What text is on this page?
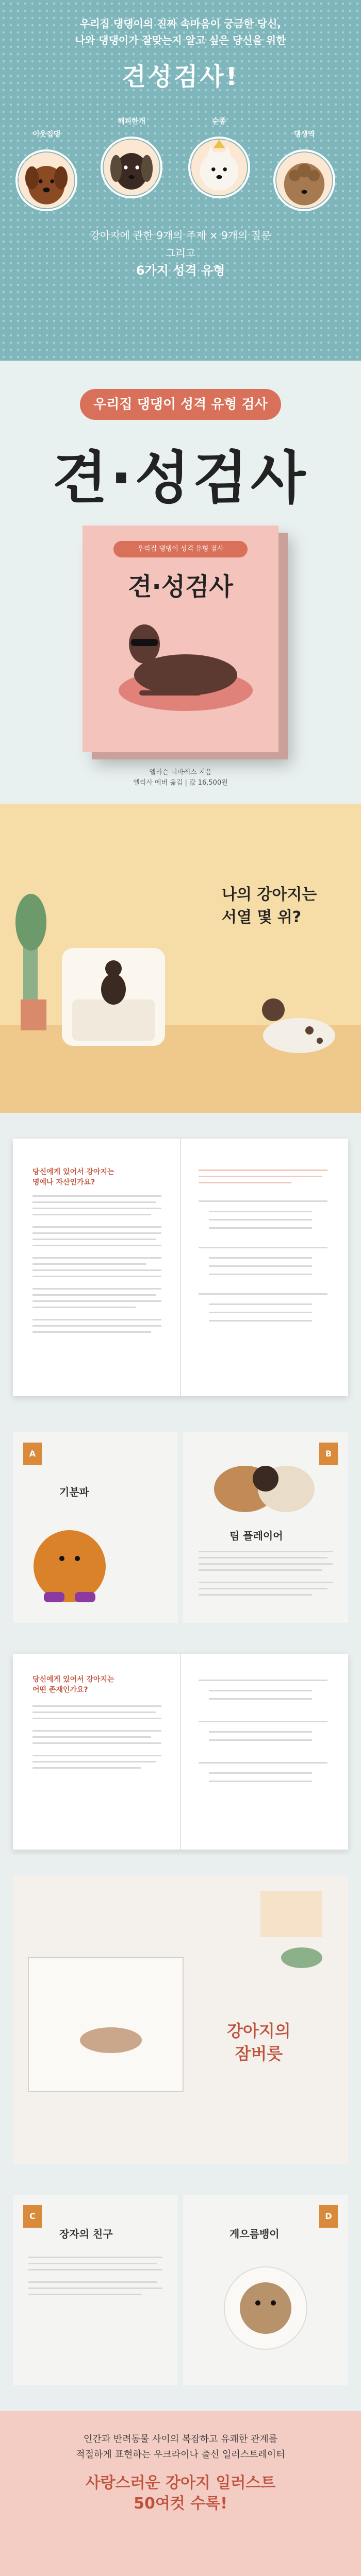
우리집 댕댕이의 진짜 속마음이 궁금한 당신,
나와 댕댕이가 잘맞는지 알고 싶은 당신을 위한
견성검사!
이웃집댕
해피한개	순종
댕생역
강아지에 관한 9개의 주제 × 9개의 질문
그리고
6가지 성격 유형
우리집 댕댕이 성격 유형 검사
견·성검사
우리집 댕댕이 성격 유형 검사
견·성검사
엘리슨 너바레스 지음
엘리사 에버 옮김 | 값 16,500원
나의 강아지는
서열 몇 위?
당신에게 있어서 강아지는
명예나 자산인가요?
A
기분파
B
팀 플레이어
당신에게 있어서 강아지는
어떤 존재인가요?
강아지의
잠버릇
C
장자의 친구
D
게으름뱅이
인간과 반려동물 사이의 복잡하고 유쾌한 관계를
적절하게 표현하는 우크라이나 출신 일러스트레이터
사랑스러운 강아지 일러스트
50여컷 수록!
